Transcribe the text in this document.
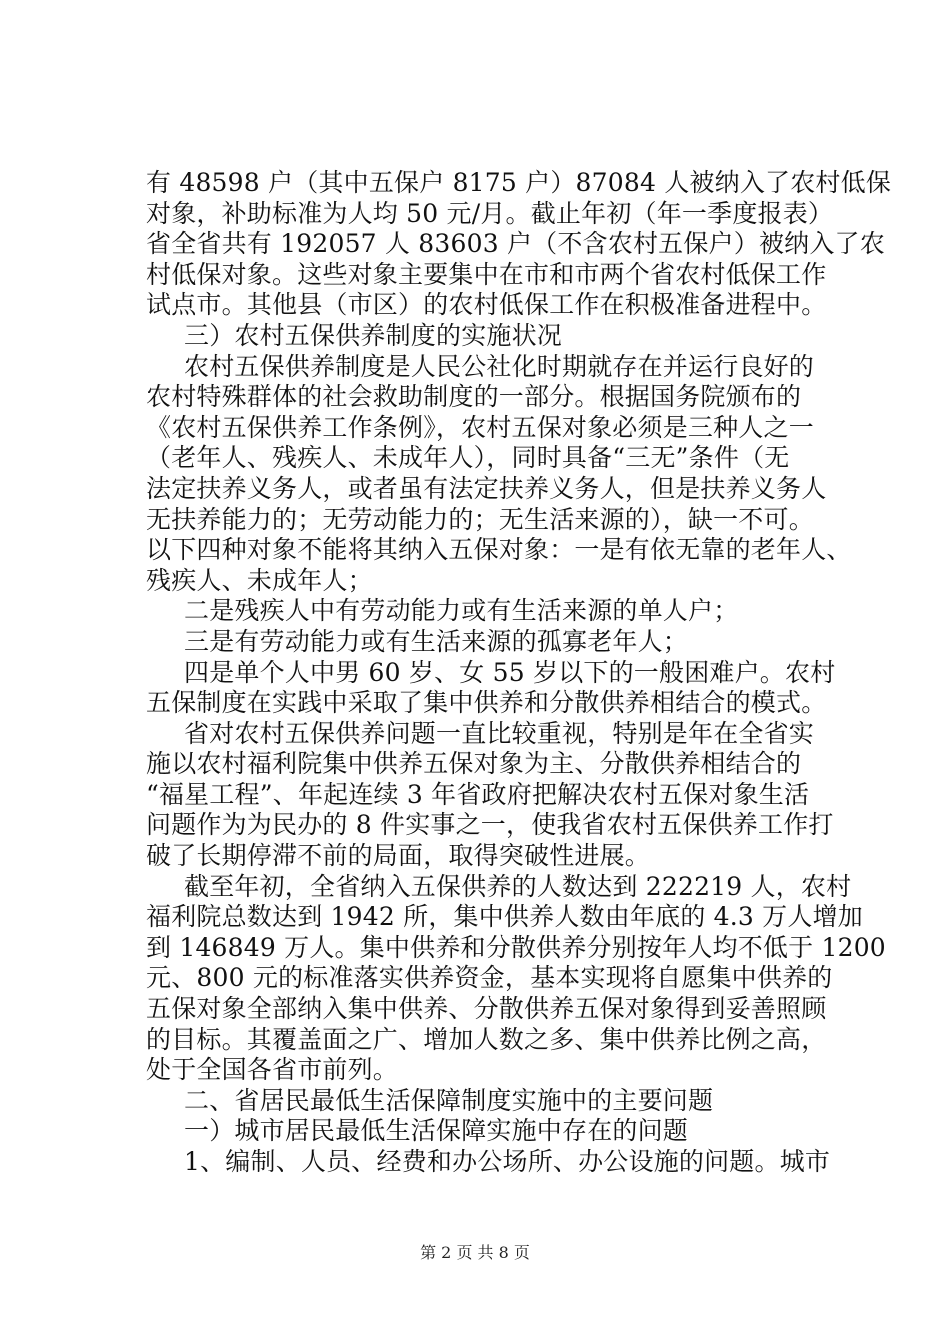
有 48598 户（其中五保户 8175 户）87084 人被纳入了农村低保
对象，补助标准为人均 50 元/月。截止年初（年一季度报表）
省全省共有 192057 人 83603 户（不含农村五保户）被纳入了农
村低保对象。这些对象主要集中在市和市两个省农村低保工作
试点市。其他县（市区）的农村低保工作在积极准备进程中。
三）农村五保供养制度的实施状况
农村五保供养制度是人民公社化时期就存在并运行良好的
农村特殊群体的社会救助制度的一部分。根据国务院颁布的
《农村五保供养工作条例》，农村五保对象必须是三种人之一
（老年人、残疾人、未成年人），同时具备“三无”条件（无
法定扶养义务人，或者虽有法定扶养义务人，但是扶养义务人
无扶养能力的；无劳动能力的；无生活来源的），缺一不可。
以下四种对象不能将其纳入五保对象：一是有依无靠的老年人、
残疾人、未成年人；
二是残疾人中有劳动能力或有生活来源的单人户；
三是有劳动能力或有生活来源的孤寡老年人；
四是单个人中男 60 岁、女 55 岁以下的一般困难户。农村
五保制度在实践中采取了集中供养和分散供养相结合的模式。
省对农村五保供养问题一直比较重视，特别是年在全省实
施以农村福利院集中供养五保对象为主、分散供养相结合的
“福星工程”、年起连续 3 年省政府把解决农村五保对象生活
问题作为为民办的 8 件实事之一，使我省农村五保供养工作打
破了长期停滞不前的局面，取得突破性进展。
截至年初，全省纳入五保供养的人数达到 222219 人，农村
福利院总数达到 1942 所，集中供养人数由年底的 4.3 万人增加
到 146849 万人。集中供养和分散供养分别按年人均不低于 1200
元、800 元的标准落实供养资金，基本实现将自愿集中供养的
五保对象全部纳入集中供养、分散供养五保对象得到妥善照顾
的目标。其覆盖面之广、增加人数之多、集中供养比例之高，
处于全国各省市前列。
二、省居民最低生活保障制度实施中的主要问题
一）城市居民最低生活保障实施中存在的问题
1、编制、人员、经费和办公场所、办公设施的问题。城市
第 2 页 共 8 页
